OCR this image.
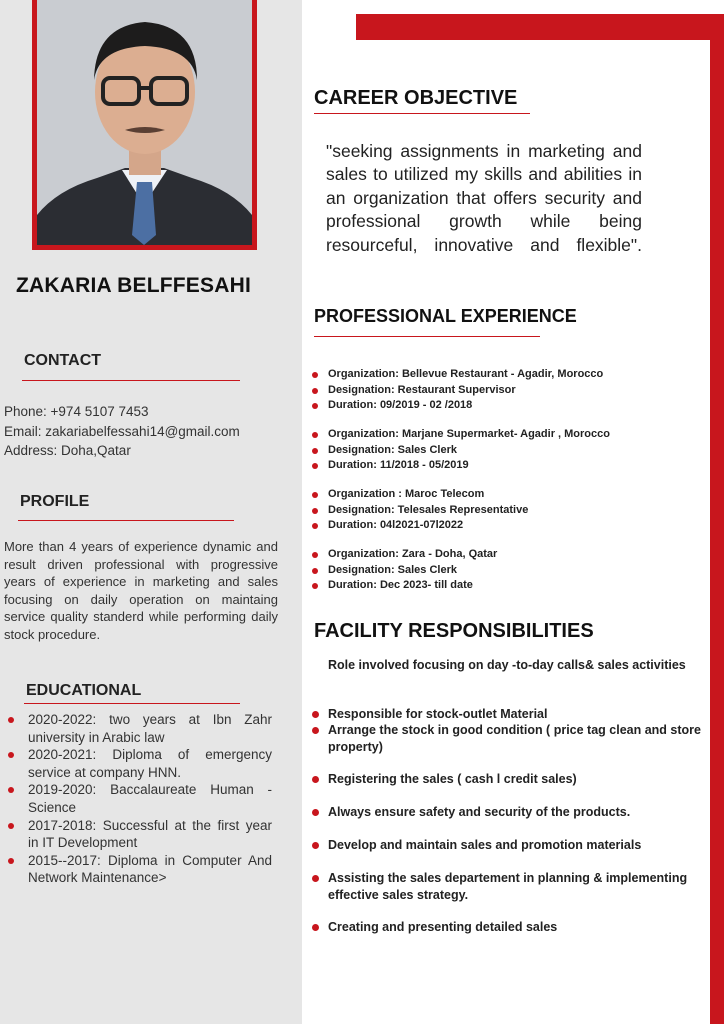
ZAKARIA BELFFESAHI
CONTACT
Phone: +974 5107 7453
Email: zakariabelfessahi14@gmail.com
Address: Doha,Qatar
PROFILE
More than 4 years of experience dynamic and result driven professional with progressive years of experience in marketing and sales focusing on daily operation on maintaing service quality standerd while performing daily stock procedure.
EDUCATIONAL
2020-2022: two years at Ibn Zahr university in Arabic law
2020-2021: Diploma of emergency service at company HNN.
2019-2020: Baccalaureate Human -Science
2017-2018: Successful at the first year in IT Development
2015--2017: Diploma in Computer And Network Maintenance>
CAREER OBJECTIVE
"seeking assignments in marketing and sales to utilized my skills and abilities in an organization that offers security and professional growth while being resourceful, innovative and flexible".
PROFESSIONAL EXPERIENCE
Organization: Bellevue Restaurant - Agadir, Morocco
Designation: Restaurant Supervisor
Duration: 09/2019 - 02 /2018
Organization: Marjane Supermarket- Agadir , Morocco
Designation: Sales Clerk
Duration: 11/2018 - 05/2019
Organization : Maroc Telecom
Designation: Telesales Representative
Duration: 04l2021-07l2022
Organization: Zara - Doha, Qatar
Designation: Sales Clerk
Duration: Dec 2023- till date
FACILITY RESPONSIBILITIES
Role involved focusing on day -to-day calls& sales activities
Responsible for stock-outlet Material
Arrange the stock in good condition ( price tag clean and store property)
Registering the sales ( cash l credit sales)
Always ensure safety and security of the products.
Develop and maintain sales and promotion materials
Assisting the sales departement in planning & implementing effective sales strategy.
Creating and presenting detailed sales
